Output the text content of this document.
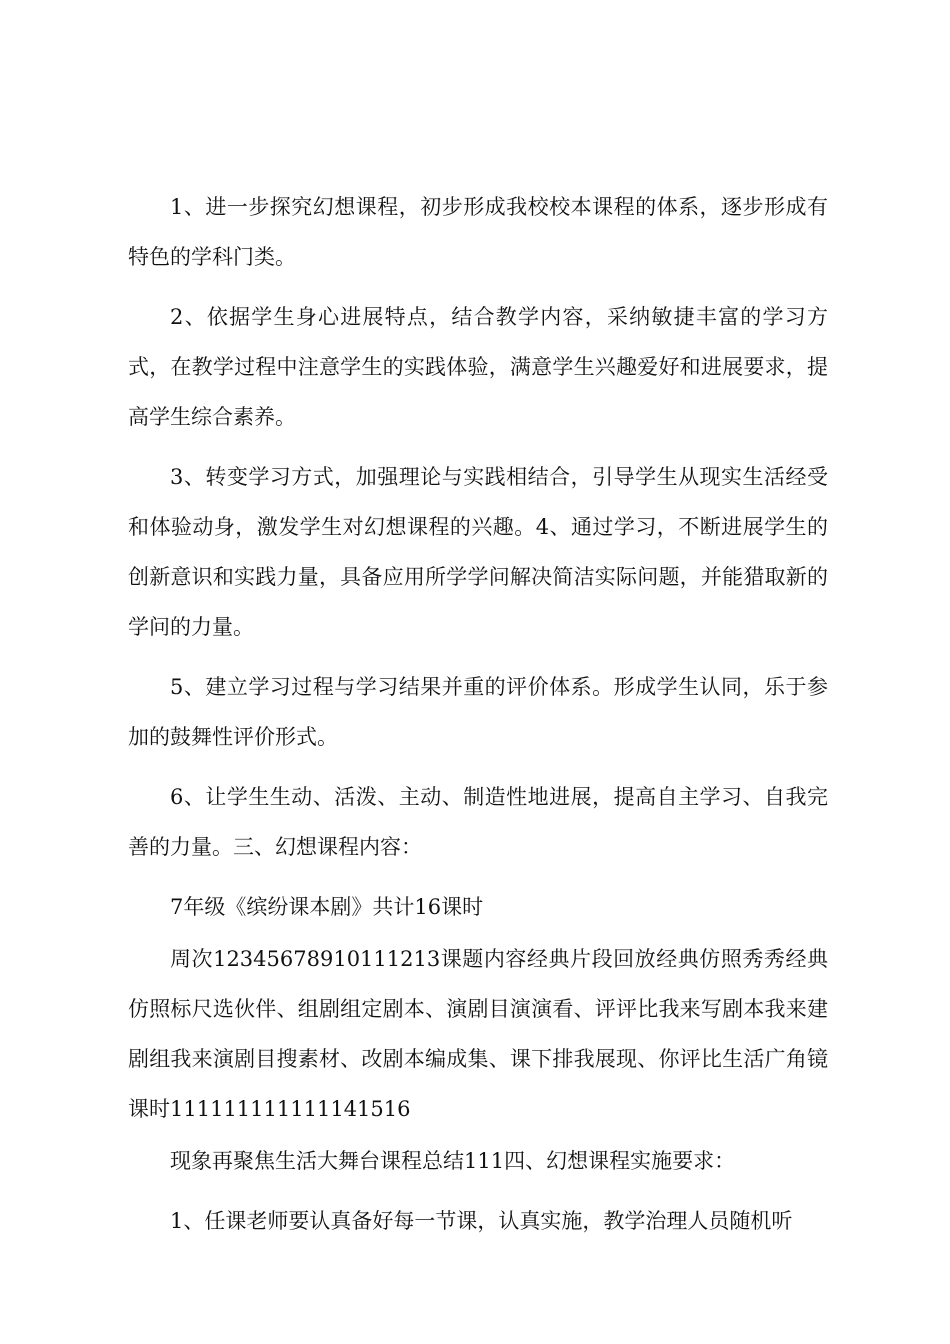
1、进一步探究幻想课程，初步形成我校校本课程的体系，逐步形成有特色的学科门类。

2、依据学生身心进展特点，结合教学内容，采纳敏捷丰富的学习方式，在教学过程中注意学生的实践体验，满意学生兴趣爱好和进展要求，提高学生综合素养。

3、转变学习方式，加强理论与实践相结合，引导学生从现实生活经受和体验动身，激发学生对幻想课程的兴趣。4、通过学习，不断进展学生的创新意识和实践力量，具备应用所学学问解决简洁实际问题，并能猎取新的学问的力量。

5、建立学习过程与学习结果并重的评价体系。形成学生认同，乐于参加的鼓舞性评价形式。

6、让学生生动、活泼、主动、制造性地进展，提高自主学习、自我完善的力量。三、幻想课程内容：

7年级《缤纷课本剧》共计16课时

周次12345678910111213课题内容经典片段回放经典仿照秀秀经典仿照标尺选伙伴、组剧组定剧本、演剧目演演看、评评比我来写剧本我来建剧组我来演剧目搜素材、改剧本编成集、课下排我展现、你评比生活广角镜课时111111111111141516

现象再聚焦生活大舞台课程总结111四、幻想课程实施要求：

1、任课老师要认真备好每一节课，认真实施，教学治理人员随机听
